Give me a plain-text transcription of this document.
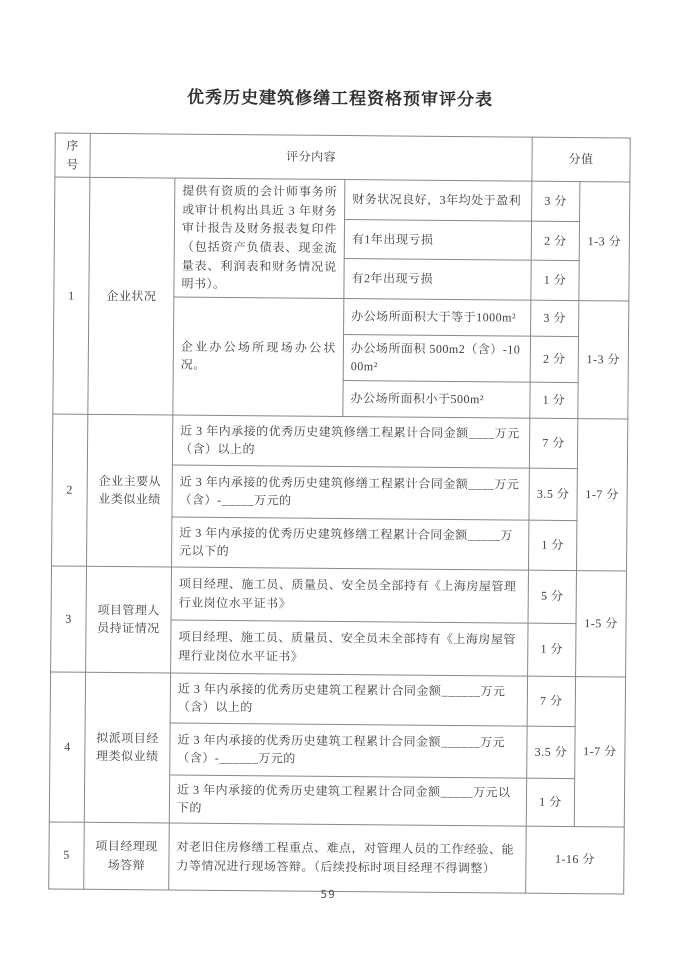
优秀历史建筑修缮工程资格预审评分表
序号	评分内容			分值	
1	企业状况	提供有资质的会计师事务所或审计机构出具近 3 年财务审计报告及财务报表复印件（包括资产负债表、现金流量表、利润表和财务情况说明书）。	财务状况良好，3年均处于盈利	3 分	1-3 分
			有1年出现亏损	2 分	
			有2年出现亏损	1 分	
		企业办公场所现场办公状况。	办公场所面积大于等于1000m²	3 分	1-3 分
			办公场所面积 500m2（含）-1000m²	2 分	
			办公场所面积小于500m²	1 分	
2	企业主要从业类似业绩	近 3 年内承接的优秀历史建筑修缮工程累计合同金额____万元（含）以上的		7 分	1-7 分
		近 3 年内承接的优秀历史建筑修缮工程累计合同金额____万元（含）-_____万元的		3.5 分	
		近 3 年内承接的优秀历史建筑修缮工程累计合同金额_____万元以下的		1 分	
3	项目管理人员持证情况	项目经理、施工员、质量员、安全员全部持有《上海房屋管理行业岗位水平证书》		5 分	1-5 分
		项目经理、施工员、质量员、安全员未全部持有《上海房屋管理行业岗位水平证书》		1 分	
4	拟派项目经理类似业绩	近 3 年内承接的优秀历史建筑工程累计合同金额______万元（含）以上的		7 分	1-7 分
		近 3 年内承接的优秀历史建筑工程累计合同金额______万元（含）-______万元的		3.5 分	
		近 3 年内承接的优秀历史建筑工程累计合同金额_____万元以下的		1 分	
5	项目经理现场答辩	对老旧住房修缮工程重点、难点，对管理人员的工作经验、能力等情况进行现场答辩。（后续投标时项目经理不得调整）		1-16 分	
59
